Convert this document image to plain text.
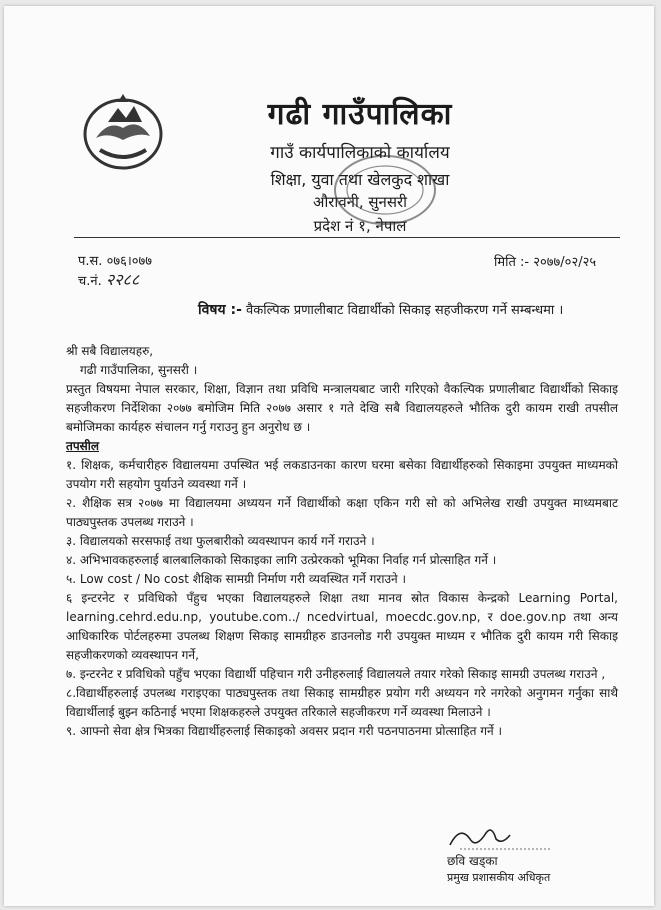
गढी गाउँपालिका
गाउँ कार्यपालिकाको कार्यालय
शिक्षा, युवा तथा खेलकुद शाखा
औरावनी, सुनसरी
प्रदेश नं १, नेपाल
प.स. ०७६।०७७
च.नं. २२८८
मिति :- २०७७/०२/२५
विषय :- वैकल्पिक प्रणालीबाट विद्यार्थीको सिकाइ सहजीकरण गर्ने सम्बन्धमा ।
श्री सबै विद्यालयहरु,
गढी गाउँपालिका, सुनसरी ।
प्रस्तुत विषयमा नेपाल सरकार, शिक्षा, विज्ञान तथा प्रविधि मन्त्रालयबाट जारी गरिएको वैकल्पिक प्रणालीबाट विद्यार्थीको सिकाइ सहजीकरण निर्देशिका २०७७ बमोजिम मिति २०७७ असार १ गते देखि सबै विद्यालयहरुले भौतिक दुरी कायम राखी तपसील बमोजिमका कार्यहरु संचालन गर्नु गराउनु हुन अनुरोध छ ।
तपसील
१. शिक्षक, कर्मचारीहरु विद्यालयमा उपस्थित भई लकडाउनका कारण घरमा बसेका विद्यार्थीहरुको सिकाइमा उपयुक्त माध्यमको उपयोग गरी सहयोग पुर्याउने व्यवस्था गर्ने ।
२. शैक्षिक सत्र २०७७ मा विद्यालयमा अध्ययन गर्ने विद्यार्थीको कक्षा एकिन गरी सो को अभिलेख राखी उपयुक्त माध्यमबाट पाठ्यपुस्तक उपलब्ध गराउने ।
३. विद्यालयको सरसफाई तथा फुलबारीको व्यवस्थापन कार्य गर्ने गराउने ।
४. अभिभावकहरुलाई बालबालिकाको सिकाइका लागि उत्प्रेरकको भूमिका निर्वाह गर्न प्रोत्साहित गर्ने ।
५. Low cost / No cost शैक्षिक सामग्री निर्माण गरी व्यवस्थित गर्ने गराउने ।
६ इन्टरनेट र प्रविधिको पँहुच भएका विद्यालयहरुले शिक्षा तथा मानव स्रोत विकास केन्द्रको Learning Portal, learning.cehrd.edu.np, youtube.com../ ncedvirtual, moecdc.gov.np, र doe.gov.np तथा अन्य आधिकारिक पोर्टलहरुमा उपलब्ध शिक्षण सिकाइ सामग्रीहरु डाउनलोड गरी उपयुक्त माध्यम र भौतिक दुरी कायम गरी सिकाइ सहजीकरणको व्यवस्थापन गर्ने,
७. इन्टरनेट र प्रविधिको पहुँच भएका विद्यार्थी पहिचान गरी उनीहरुलाई विद्यालयले तयार गरेको सिकाइ सामग्री उपलब्ध गराउने ,
८.विद्यार्थीहरुलाई उपलब्ध गराइएका पाठ्यपुस्तक तथा सिकाइ सामग्रीहरु प्रयोग गरी अध्ययन गरे नगरेको अनुगमन गर्नुका साथै विद्यार्थीलाई बुझ्न कठिनाई भएमा शिक्षकहरुले उपयुक्त तरिकाले सहजीकरण गर्ने व्यवस्था मिलाउने ।
९. आफ्नो सेवा क्षेत्र भित्रका विद्यार्थीहरुलाई सिकाइको अवसर प्रदान गरी पठनपाठनमा प्रोत्साहित गर्ने ।
छवि खड्का
प्रमुख प्रशासकीय अधिकृत
